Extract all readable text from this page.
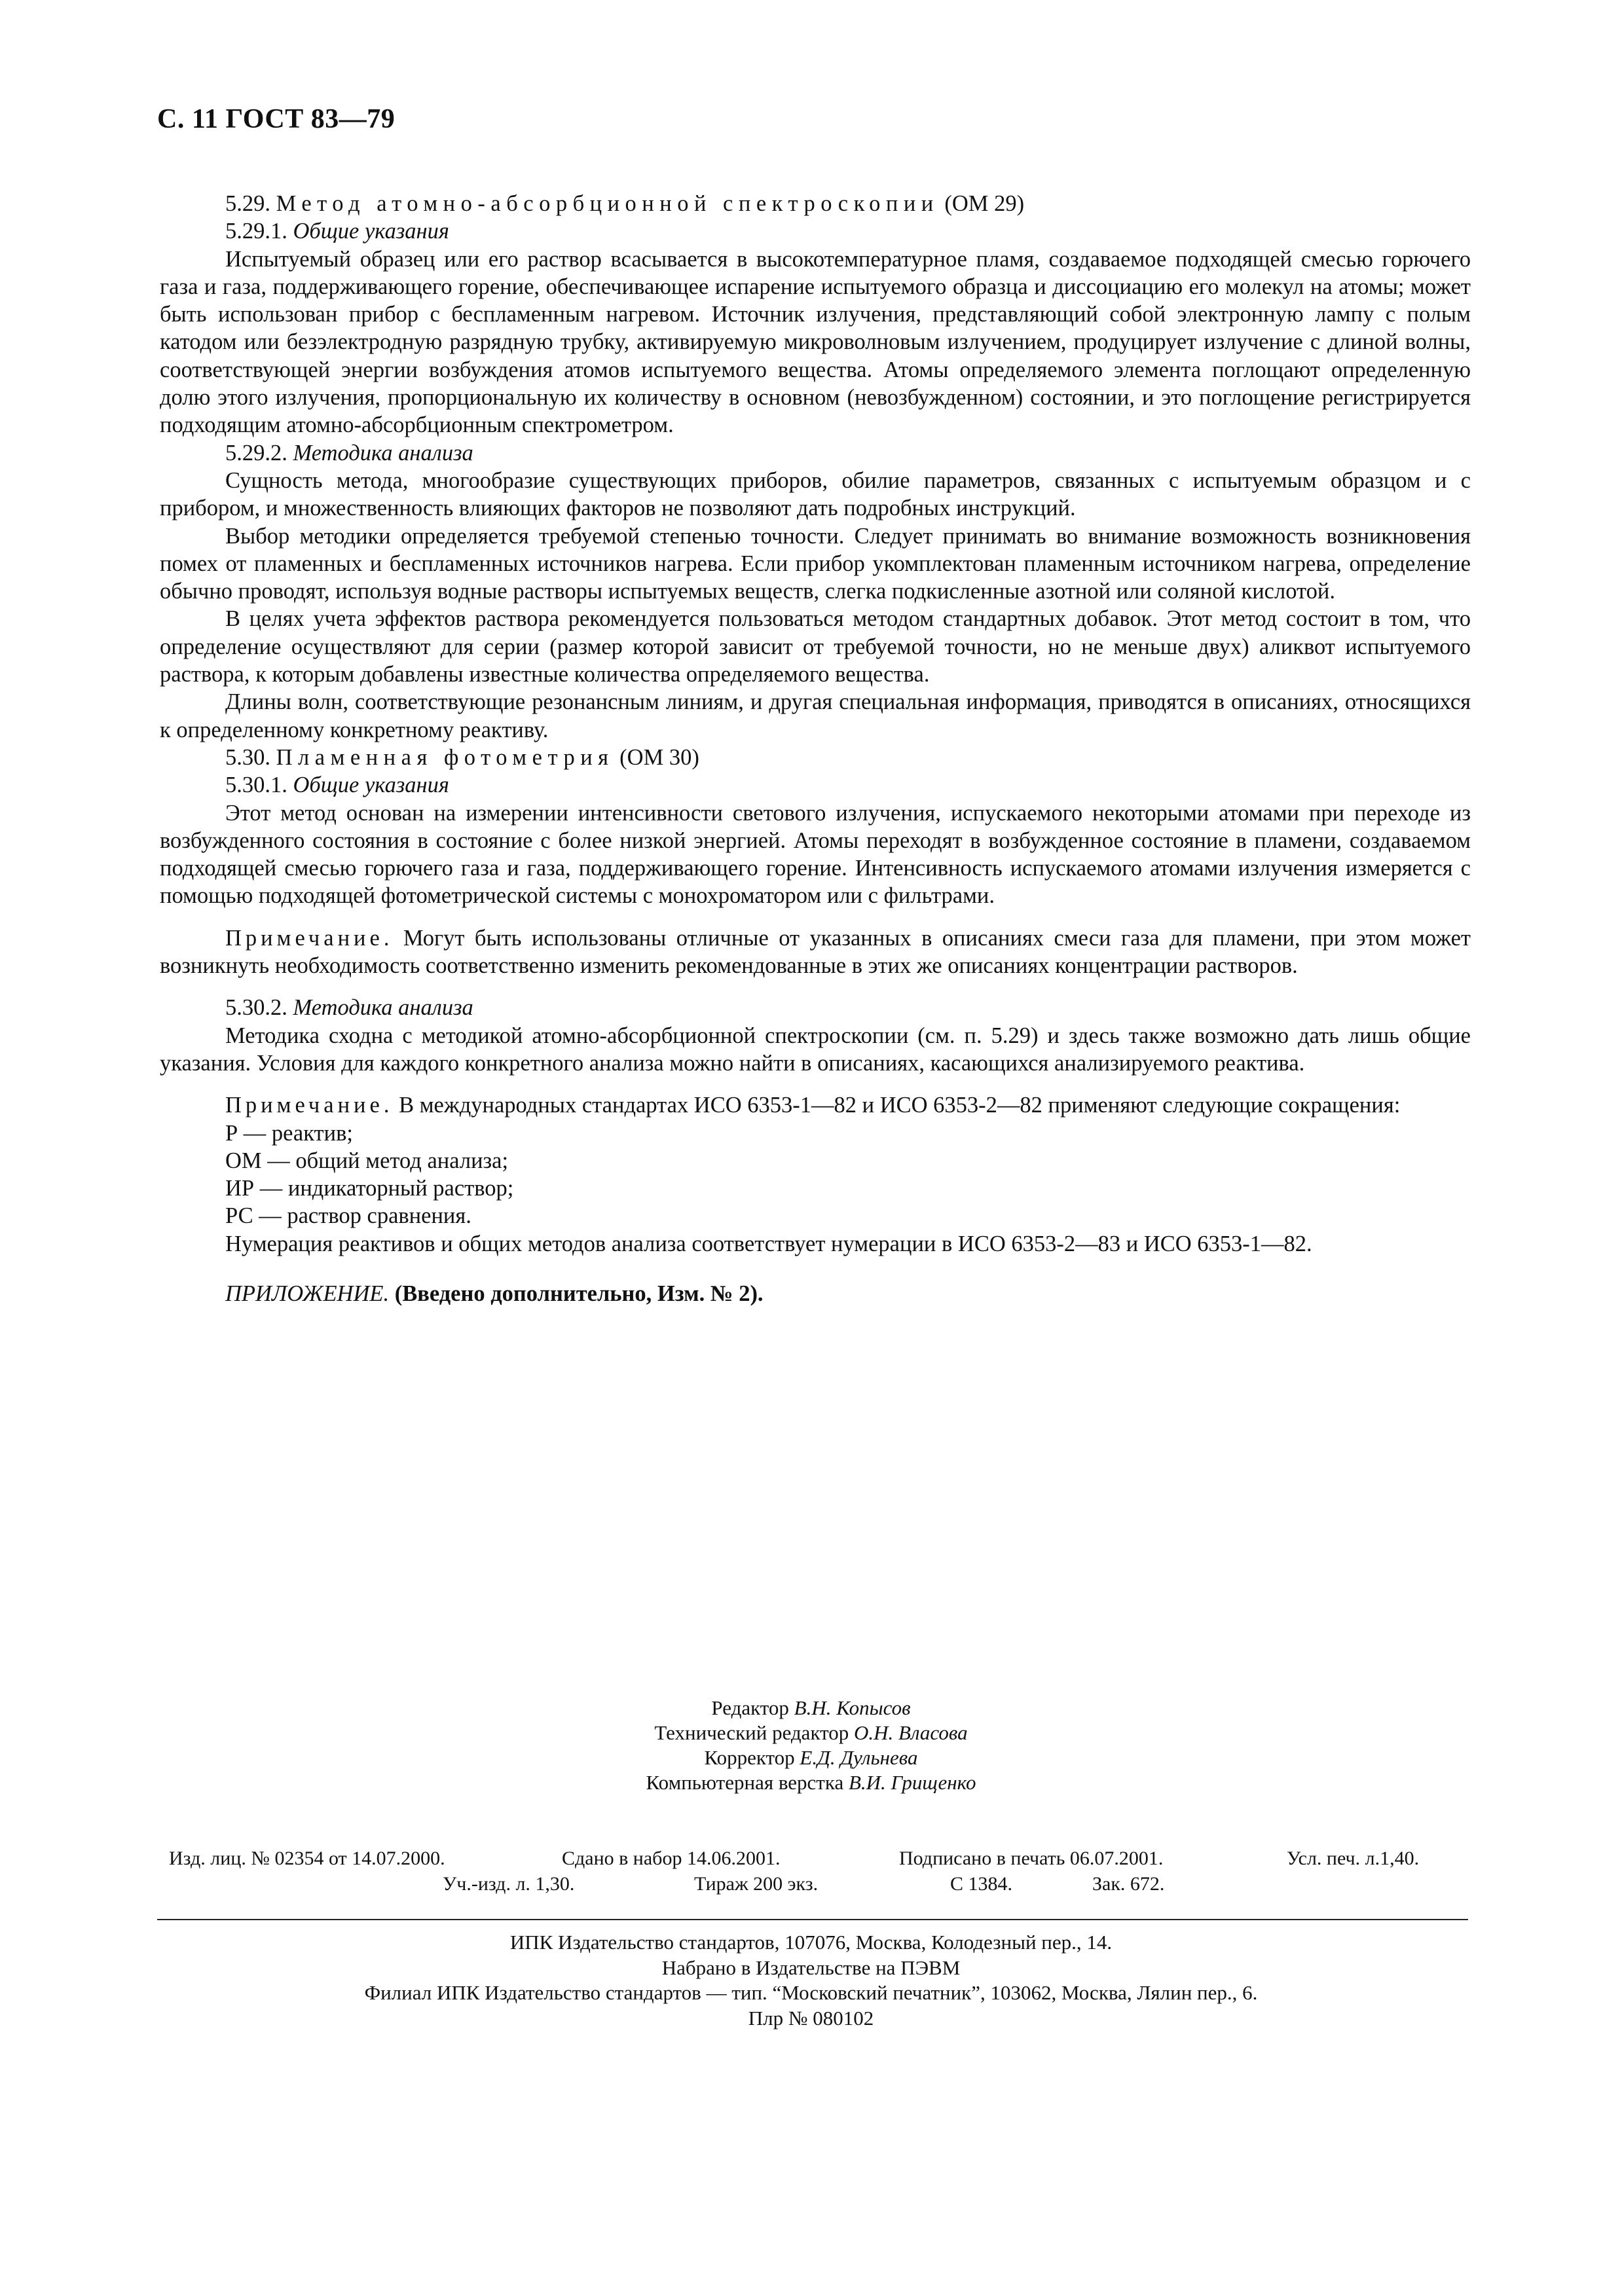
С. 11 ГОСТ 83—79

5.29. Метод атомно-абсорбционной спектроскопии (ОМ 29)

5.29.1. Общие указания

Испытуемый образец или его раствор всасывается в высокотемпературное пламя, создаваемое подходящей смесью горючего газа и газа, поддерживающего горение, обеспечивающее испарение испытуемого образца и диссоциацию его молекул на атомы; может быть использован прибор с беспламенным нагревом. Источник излучения, представляющий собой электронную лампу с полым катодом или безэлектродную разрядную трубку, активируемую микроволновым излучением, продуцирует излучение с длиной волны, соответствующей энергии возбуждения атомов испытуемого вещества. Атомы определяемого элемента поглощают определенную долю этого излучения, пропорциональную их количеству в основном (невозбужденном) состоянии, и это поглощение регистрируется подходящим атомно-абсорбционным спектрометром.

5.29.2. Методика анализа

Сущность метода, многообразие существующих приборов, обилие параметров, связанных с испытуемым образцом и с прибором, и множественность влияющих факторов не позволяют дать подробных инструкций.

Выбор методики определяется требуемой степенью точности. Следует принимать во внимание возможность возникновения помех от пламенных и беспламенных источников нагрева. Если прибор укомплектован пламенным источником нагрева, определение обычно проводят, используя водные растворы испытуемых веществ, слегка подкисленные азотной или соляной кислотой.

В целях учета эффектов раствора рекомендуется пользоваться методом стандартных добавок. Этот метод состоит в том, что определение осуществляют для серии (размер которой зависит от требуемой точности, но не меньше двух) аликвот испытуемого раствора, к которым добавлены известные количества определяемого вещества.

Длины волн, соответствующие резонансным линиям, и другая специальная информация, приводятся в описаниях, относящихся к определенному конкретному реактиву.

5.30. Пламенная фотометрия (ОМ 30)

5.30.1. Общие указания

Этот метод основан на измерении интенсивности светового излучения, испускаемого некоторыми атомами при переходе из возбужденного состояния в состояние с более низкой энергией. Атомы переходят в возбужденное состояние в пламени, создаваемом подходящей смесью горючего газа и газа, поддерживающего горение. Интенсивность испускаемого атомами излучения измеряется с помощью подходящей фотометрической системы с монохроматором или с фильтрами.

Примечание. Могут быть использованы отличные от указанных в описаниях смеси газа для пламени, при этом может возникнуть необходимость соответственно изменить рекомендованные в этих же описаниях концентрации растворов.

5.30.2. Методика анализа

Методика сходна с методикой атомно-абсорбционной спектроскопии (см. п. 5.29) и здесь также возможно дать лишь общие указания. Условия для каждого конкретного анализа можно найти в описаниях, касающихся анализируемого реактива.

Примечание. В международных стандартах ИСО 6353-1—82 и ИСО 6353-2—82 применяют следующие сокращения:

Р — реактив;

ОМ — общий метод анализа;

ИР — индикаторный раствор;

РС — раствор сравнения.

Нумерация реактивов и общих методов анализа соответствует нумерации в ИСО 6353-2—83 и ИСО 6353-1—82.

ПРИЛОЖЕНИЕ. (Введено дополнительно, Изм. № 2).

Редактор В.Н. Копысов
Технический редактор О.Н. Власова
Корректор Е.Д. Дульнева
Компьютерная верстка В.И. Грищенко
Изд. лиц. № 02354 от 14.07.2000.	Сдано в набор 14.06.2001.	Подписано в печать 06.07.2001.	Усл. печ. л.1,40.
Уч.-изд. л. 1,30.	Тираж 200 экз.	С 1384.	Зак. 672.
ИПК Издательство стандартов, 107076, Москва, Колодезный пер., 14.
Набрано в Издательстве на ПЭВМ
Филиал ИПК Издательство стандартов — тип. “Московский печатник”, 103062, Москва, Лялин пер., 6.
Плр № 080102
